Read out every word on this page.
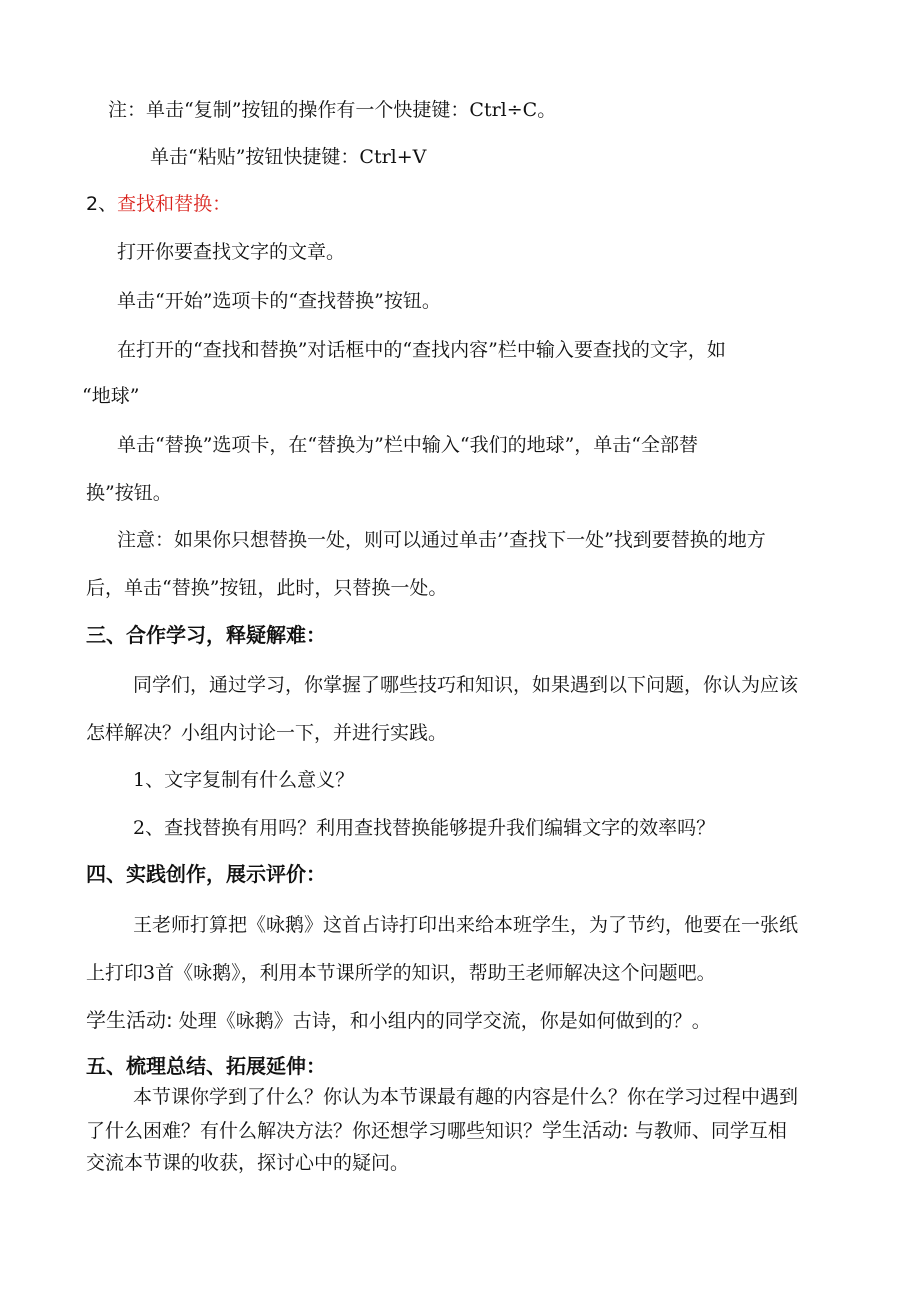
注：单击“复制”按钮的操作有一个快捷键：Ctrl÷C。
单击“粘贴”按钮快捷键：Ctrl+V
2、查找和替换：
打开你要查找文字的文章。
单击“开始”选项卡的“查找替换”按钮。
在打开的“查找和替换”对话框中的“查找内容”栏中输入要查找的文字，如
“地球”
单击“替换”选项卡，在“替换为”栏中输入“我们的地球”，单击“全部替
换”按钮。
注意：如果你只想替换一处，则可以通过单击’’查找下一处”找到要替换的地方
后，单击“替换”按钮，此时，只替换一处。
三、合作学习，释疑解难：
同学们，通过学习，你掌握了哪些技巧和知识，如果遇到以下问题，你认为应该
怎样解决？小组内讨论一下，并进行实践。
1、文字复制有什么意义？
2、查找替换有用吗？利用查找替换能够提升我们编辑文字的效率吗？
四、实践创作，展示评价：
王老师打算把《咏鹅》这首占诗打印出来给本班学生，为了节约，他要在一张纸
上打印3首《咏鹅》，利用本节课所学的知识，帮助王老师解决这个问题吧。
学生活动: 处理《咏鹅》古诗，和小组内的同学交流，你是如何做到的？。
五、梳理总结、拓展延伸：
本节课你学到了什么？你认为本节课最有趣的内容是什么？你在学习过程中遇到
了什么困难？有什么解决方法？你还想学习哪些知识？学生活动: 与教师、同学互相
交流本节课的收获，探讨心中的疑问。
